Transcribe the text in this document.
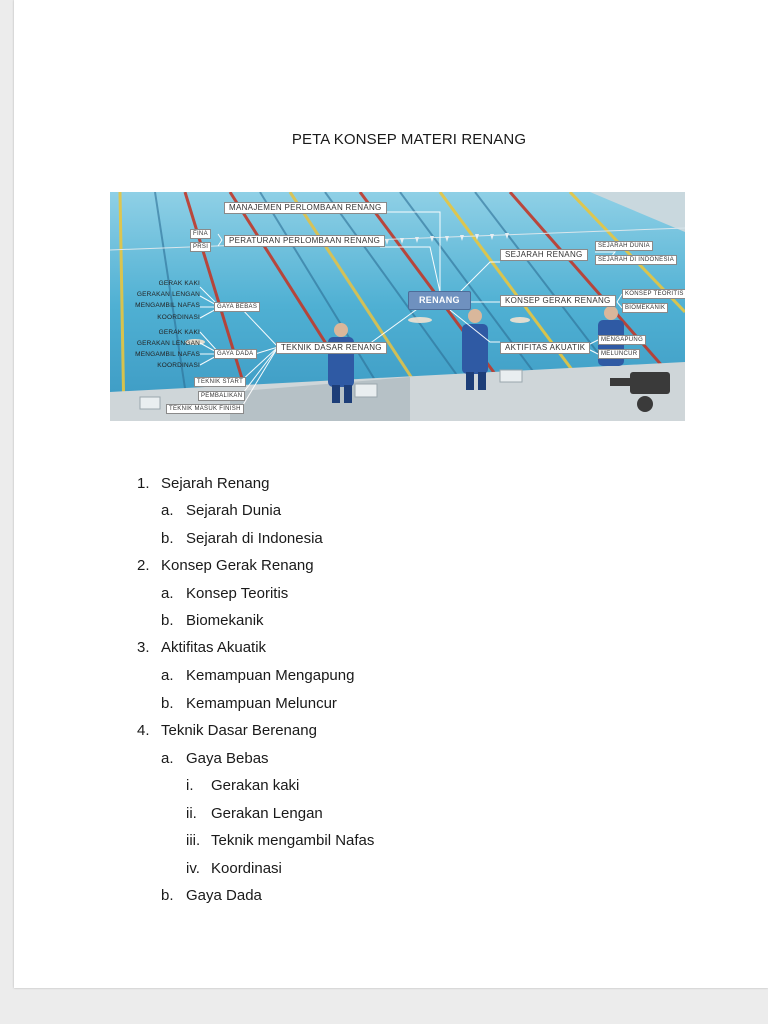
PETA KONSEP MATERI RENANG
RENANG
MANAJEMEN PERLOMBAAN RENANG
PERATURAN PERLOMBAAN RENANG
FINA
PRSI
SEJARAH RENANG
SEJARAH DUNIA
SEJARAH DI INDONESIA
KONSEP GERAK RENANG
KONSEP TEORITIS
BIOMEKANIK
AKTIFITAS AKUATIK
MENGAPUNG
MELUNCUR
TEKNIK DASAR RENANG
GAYA BEBAS
GAYA DADA
GERAK KAKI
GERAKAN LENGAN
MENGAMBIL NAFAS
KOORDINASI
GERAK KAKI
GERAKAN LENGAN
MENGAMBIL NAFAS
KOORDINASI
TEKNIK START
PEMBALIKAN
TEKNIK MASUK FINISH
1. Sejarah Renang
a. Sejarah Dunia
b. Sejarah di Indonesia
2. Konsep Gerak Renang
a. Konsep Teoritis
b. Biomekanik
3. Aktifitas Akuatik
a. Kemampuan Mengapung
b. Kemampuan Meluncur
4. Teknik Dasar Berenang
a. Gaya Bebas
i. Gerakan kaki
ii. Gerakan Lengan
iii. Teknik mengambil Nafas
iv. Koordinasi
b. Gaya Dada
